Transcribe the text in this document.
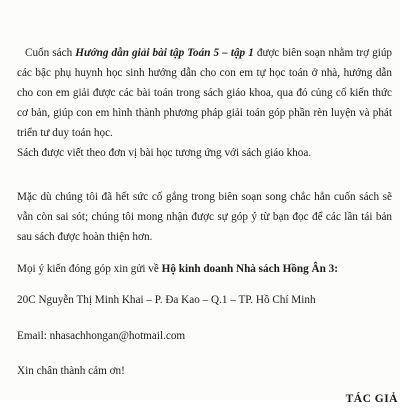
Cuốn sách Hướng dẫn giải bài tập Toán 5 – tập 1 được biên soạn nhằm trợ giúp các bậc phụ huynh học sinh hướng dẫn cho con em tự học toán ở nhà, hướng dẫn cho con em giải được các bài toán trong sách giáo khoa, qua đó củng cố kiến thức cơ bản, giúp con em hình thành phương pháp giải toán góp phần rèn luyện và phát triển tư duy toán học.

Sách được viết theo đơn vị bài học tương ứng với sách giáo khoa.

Mặc dù chúng tôi đã hết sức cố gắng trong biên soạn song chắc hẳn cuốn sách sẽ vẫn còn sai sót; chúng tôi mong nhận được sự góp ý từ bạn đọc để các lần tái bản sau sách được hoàn thiện hơn.

Mọi ý kiến đóng góp xin gửi về Hộ kinh doanh Nhà sách Hồng Ân 3:

20C Nguyễn Thị Minh Khai – P. Đa Kao – Q.1 – TP. Hồ Chí Minh

Email: nhasachhongan@hotmail.com

Xin chân thành cảm ơn!

TÁC GIẢ
